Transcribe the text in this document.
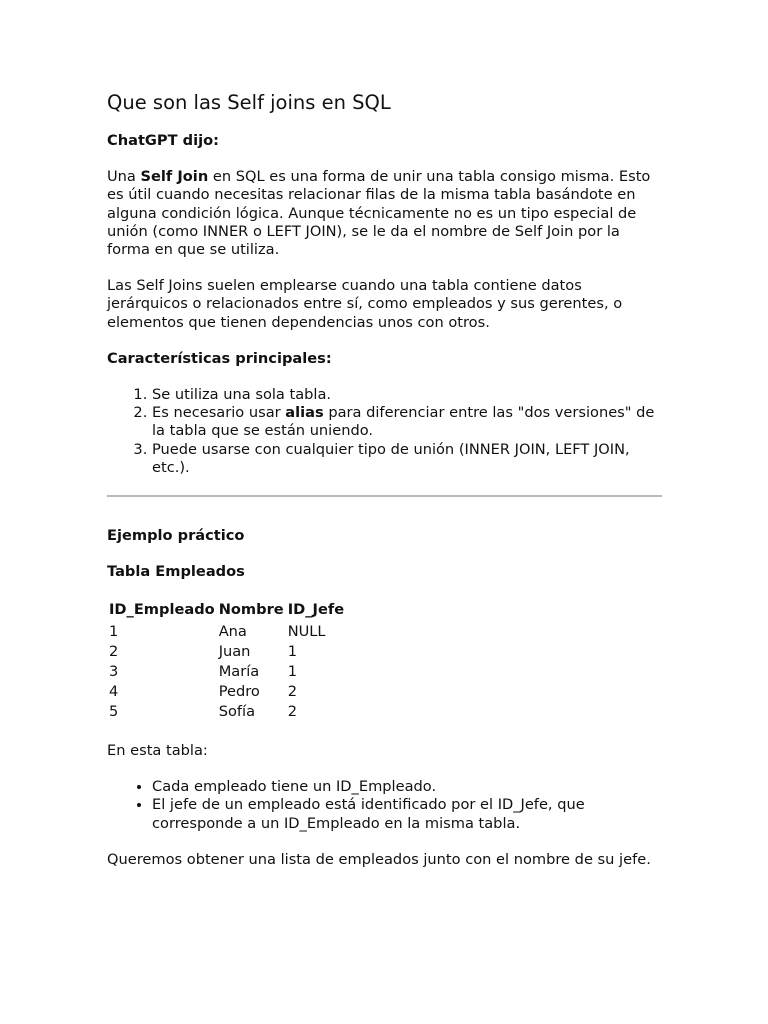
Que son las Self joins en SQL
ChatGPT dijo:

Una Self Join en SQL es una forma de unir una tabla consigo misma. Esto es útil cuando necesitas relacionar filas de la misma tabla basándote en alguna condición lógica. Aunque técnicamente no es un tipo especial de unión (como INNER o LEFT JOIN), se le da el nombre de Self Join por la forma en que se utiliza.

Las Self Joins suelen emplearse cuando una tabla contiene datos jerárquicos o relacionados entre sí, como empleados y sus gerentes, o elementos que tienen dependencias unos con otros.

Características principales:
1. Se utiliza una sola tabla.
2. Es necesario usar alias para diferenciar entre las "dos versiones" de la tabla que se están uniendo.
3. Puede usarse con cualquier tipo de unión (INNER JOIN, LEFT JOIN, etc.).
Ejemplo práctico
Tabla Empleados
ID_Empleado	Nombre	ID_Jefe
1	Ana	NULL
2	Juan	1
3	María	1
4	Pedro	2
5	Sofía	2

En esta tabla:

• Cada empleado tiene un ID_Empleado.
• El jefe de un empleado está identificado por el ID_Jefe, que corresponde a un ID_Empleado en la misma tabla.

Queremos obtener una lista de empleados junto con el nombre de su jefe.
